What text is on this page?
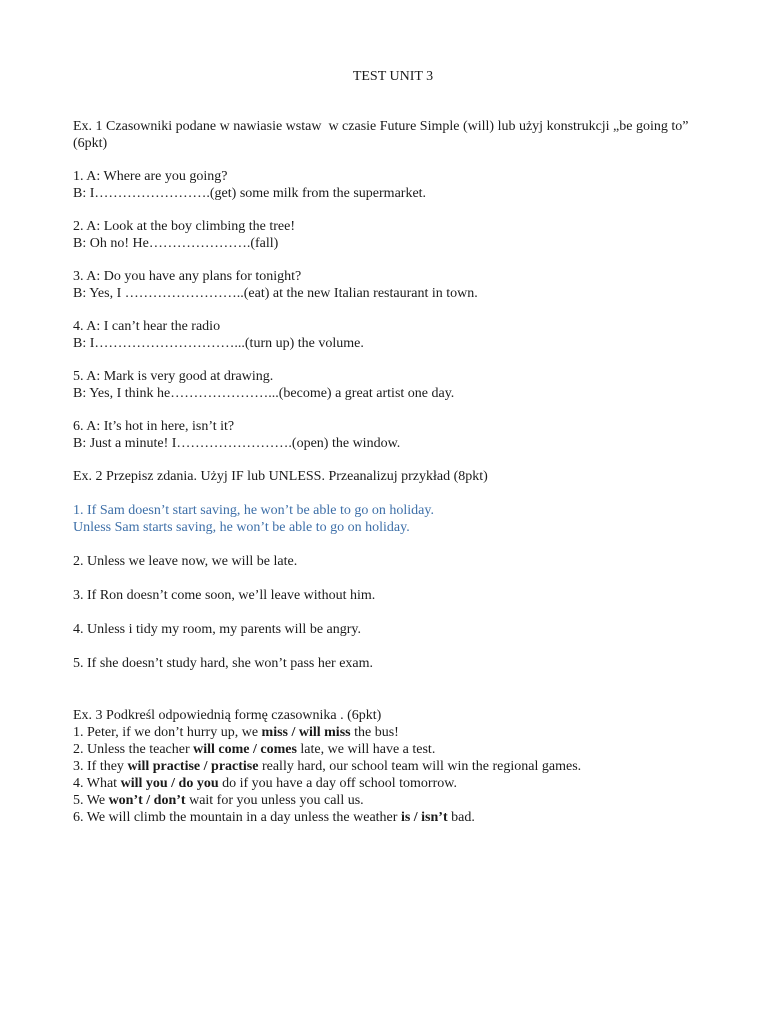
TEST UNIT 3

Ex. 1 Czasowniki podane w nawiasie wstaw  w czasie Future Simple (will) lub użyj konstrukcji „be going to” (6pkt)

1. A: Where are you going?

B: I…………………….(get) some milk from the supermarket.

2. A: Look at the boy climbing the tree!

B: Oh no! He………………….(fall)

3. A: Do you have any plans for tonight?

B: Yes, I ……………………..(eat) at the new Italian restaurant in town.

4. A: I can’t hear the radio

B: I…………………………...(turn up) the volume.

5. A: Mark is very good at drawing.

B: Yes, I think he…………………...(become) a great artist one day.

6. A: It’s hot in here, isn’t it?

B: Just a minute! I…………………….(open) the window.

Ex. 2 Przepisz zdania. Użyj IF lub UNLESS. Przeanalizuj przykład (8pkt)

1. If Sam doesn’t start saving, he won’t be able to go on holiday.

Unless Sam starts saving, he won’t be able to go on holiday.

2. Unless we leave now, we will be late.

3. If Ron doesn’t come soon, we’ll leave without him.

4. Unless i tidy my room, my parents will be angry.

5. If she doesn’t study hard, she won’t pass her exam.

Ex. 3 Podkreśl odpowiednią formę czasownika . (6pkt)

1. Peter, if we don’t hurry up, we miss / will miss the bus!

2. Unless the teacher will come / comes late, we will have a test.

3. If they will practise / practise really hard, our school team will win the regional games.

4. What will you / do you do if you have a day off school tomorrow.

5. We won’t / don’t wait for you unless you call us.

6. We will climb the mountain in a day unless the weather is / isn’t bad.
